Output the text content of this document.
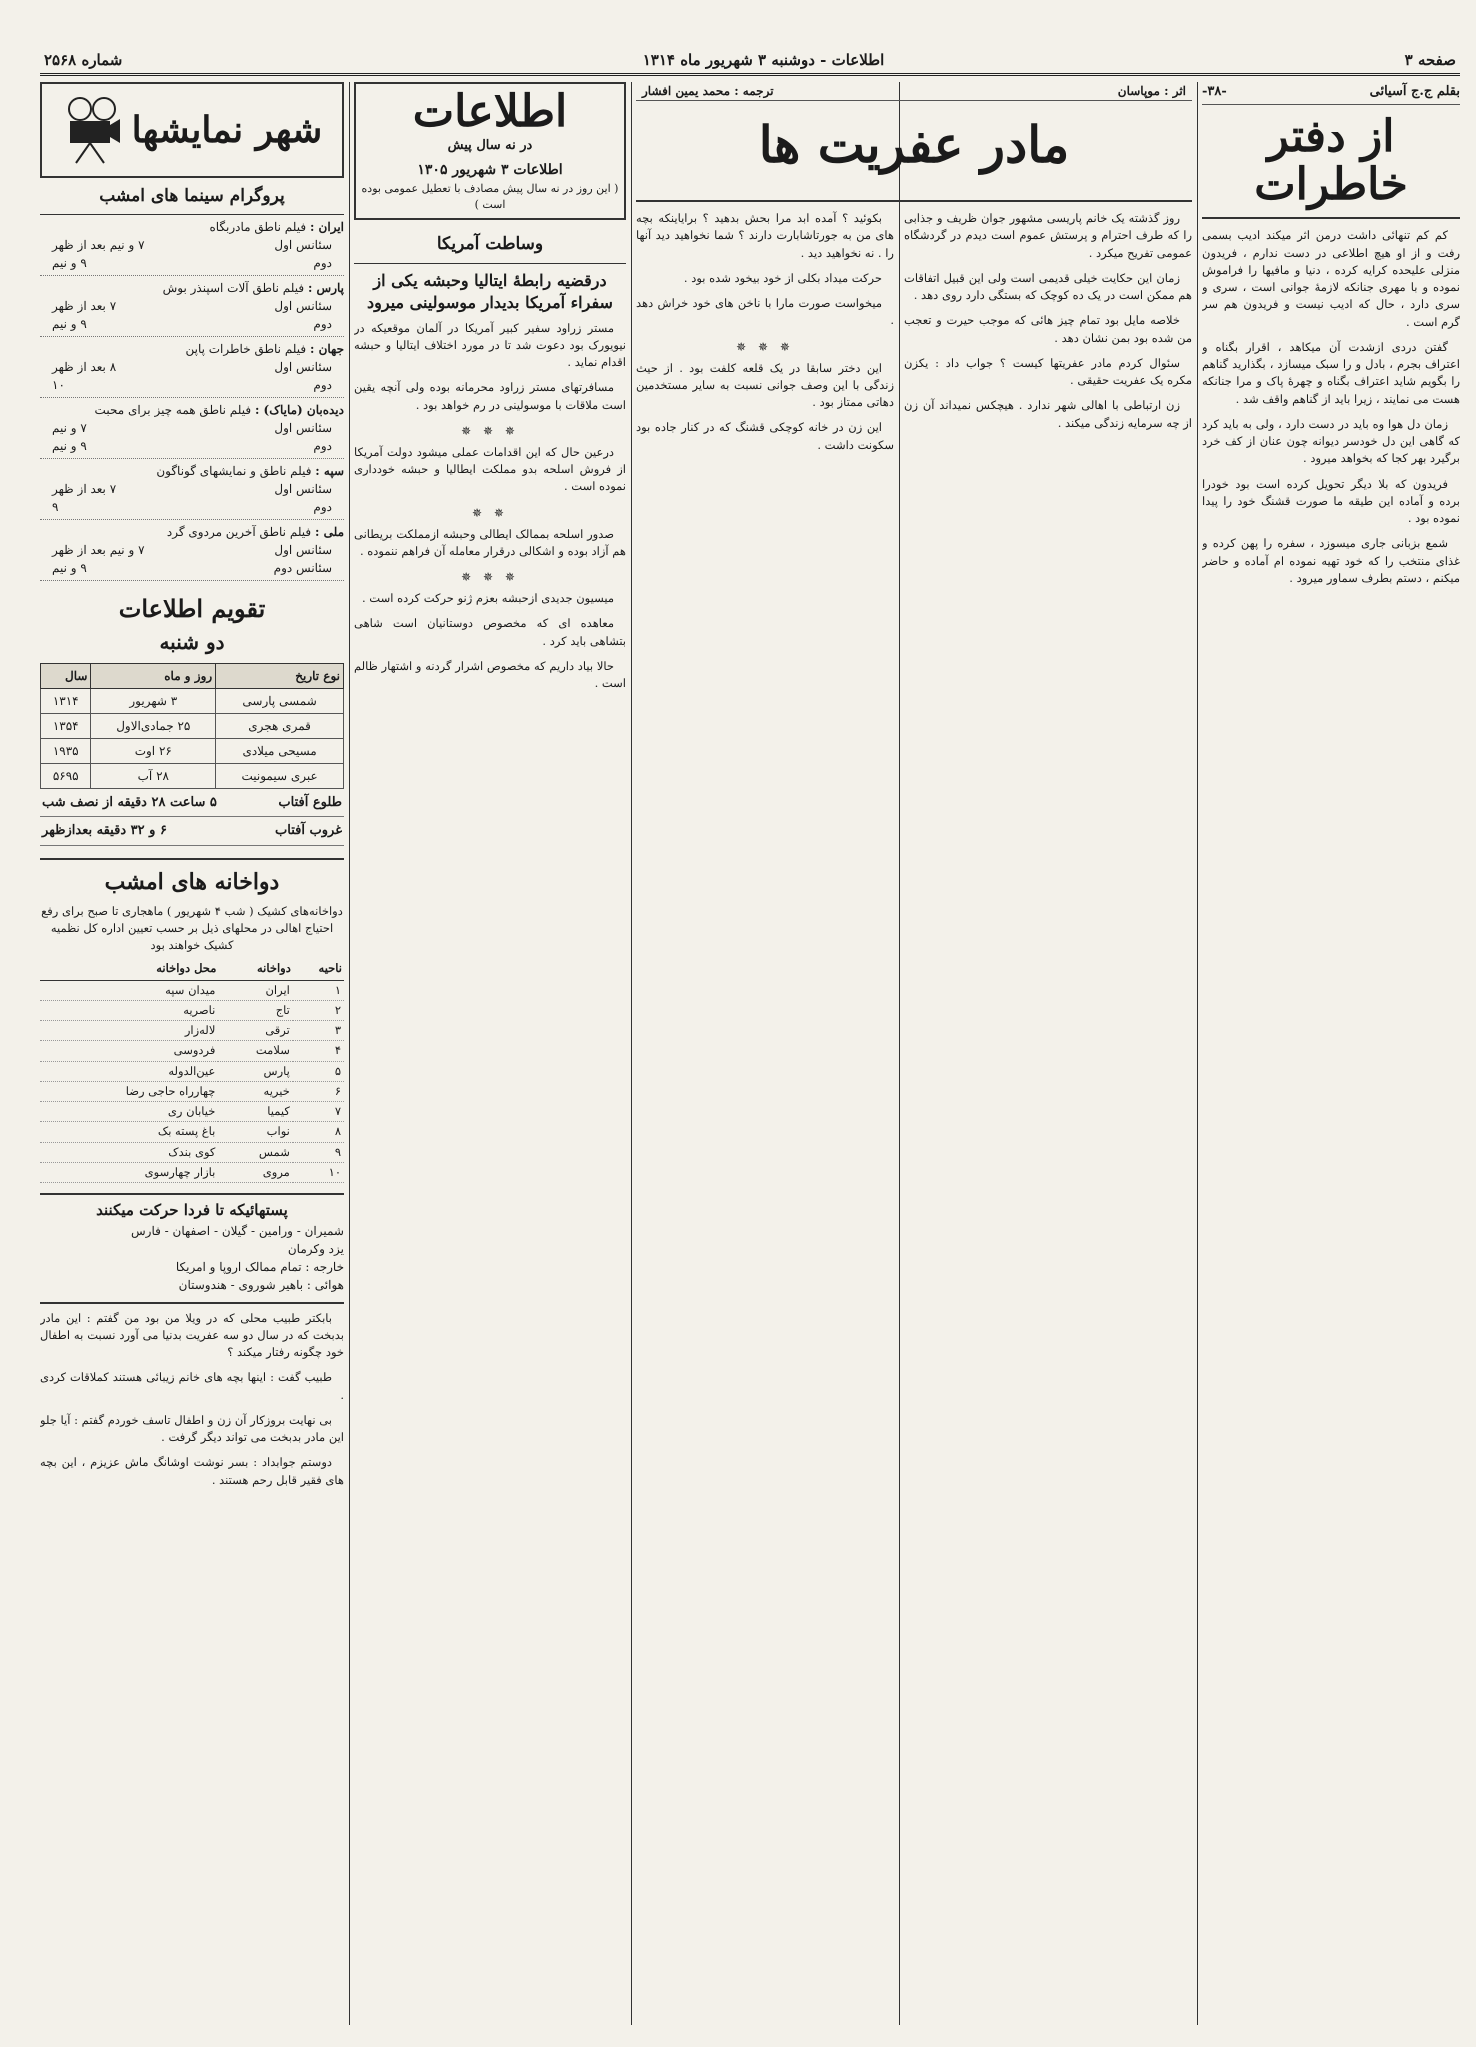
صفحه ۳
اطلاعات - دوشنبه ۳ شهریور ماه ۱۳۱۴
شماره ۲۵۶۸
بقلم ج.ج آسیائی
-۳۸-
از دفتر خاطرات

کم کم تنهائی داشت درمن اثر میکند ادیب بسمی رفت و از او هیچ اطلاعی در دست ندارم ، فریدون منزلی علیحده کرایه کرده ، دنیا و مافیها را فراموش نموده و با مهری جنانکه لازمهٔ جوانی است ، سری و سری دارد ، حال که ادیب نیست و فریدون هم سر گرم است .

گفتن دردی ازشدت آن میکاهد ، اقرار بگناه و اعتراف بجرم ، بادل و را سبک میسازد ، بگذارید گناهم را بگویم شاید اعتراف بگناه و چهرهٔ پاک و مرا جنانکه هست می نمایند ، زیرا باید از گناهم واقف شد .

زمان دل هوا وه باید در دست دارد ، ولی به باید کرد که گاهی این دل خودسر دیوانه چون عنان از کف خرد برگیرد بهر کجا که بخواهد میرود .

فریدون که بلا دیگر تحویل کرده است بود خودرا برده و آماده این طیقه ما صورت قشنگ خود را پیدا نموده بود .

شمع بزبانی جاری میسوزد ، سفره را پهن کرده و غذای منتخب را که خود تهیه نموده ام آماده و حاضر میکنم ، دستم بطرف سماور میرود .

اثر : موپاسان
ترجمه : محمد یمین افشار
مادر عفریت ها

روز گذشته یک خانم پاریسی مشهور جوان ظریف و جذابی را که طرف احترام و پرستش عموم است دیدم در گردشگاه عمومی تفریح میکرد .

زمان این حکایت خیلی قدیمی است ولی این قبیل اتفاقات هم ممکن است در یک ده کوچک که بستگی دارد روی دهد .

خلاصه مایل بود تمام چیز هائی که موجب حیرت و تعجب من شده بود بمن نشان دهد .

سئوال کردم مادر عفریتها کیست ؟ جواب داد : یکزن مکره یک عفریت حقیقی .

زن ارتباطی با اهالی شهر ندارد . هیچکس نمیداند آن زن از چه سرمایه زندگی میکند .

بکوئید ؟ آمده ابد مرا بحش بدهید ؟ برایاینکه بچه های من به جورتاشابارت دارند ؟ شما نخواهید دید آنها را . نه نخواهید دید .

حرکت میداد بکلی از خود بیخود شده بود .

میخواست صورت مارا با ناخن های خود خراش دهد .

✵ ✵ ✵

این دختر سابقا در یک قلعه کلفت بود . از حیث زندگی با این وصف جوانی نسبت به سایر مستخدمین دهاتی ممتاز بود .

این زن در خانه کوچکی قشنگ که در کنار جاده بود سکونت داشت .

اطلاعات
در نه سال پیش
اطلاعات ۳ شهریور ۱۳۰۵
( این روز در نه سال پیش مصادف با تعطیل عمومی بوده است )
وساطت آمریکا
درقضیه رابطهٔ ایتالیا وحبشه یکی از سفراء آمریکا بدیدار موسولینی میرود

مستر زراود سفیر کبیر آمریکا در آلمان موقعیکه در نیویورک بود دعوت شد تا در مورد اختلاف ایتالیا و حبشه اقدام نماید .

مسافرتهای مستر زراود محرمانه بوده ولی آنچه یقین است ملاقات با موسولینی در رم خواهد بود .

✵ ✵ ✵

درعین حال که این اقدامات عملی میشود دولت آمریکا از فروش اسلحه بدو مملکت ایطالیا و حبشه خودداری نموده است .

✵ ✵

صدور اسلحه بممالک ایطالی وحبشه ازمملکت بریطانی هم آزاد بوده و اشکالی درقرار معامله آن فراهم ننموده .

✵ ✵ ✵

میسیون جدیدی ازحبشه بعزم ژنو حرکت کرده است .

معاهده ای که مخصوص دوستانیان است شاهی بتشاهی باید کرد .

حالا بیاد داریم که مخصوص اشرار گردنه و اشتهار ظالم است .

شهر نمایشها
پروگرام سینما های امشب
ایران : فیلم ناطق مادربگاه
سئانس اول
۷ و نیم بعد از ظهر
دوم
۹ و نیم
پارس : فیلم ناطق آلات اسپنذر بوش
سئانس اول
۷ بعد از ظهر
دوم
۹ و نیم
جهان : فیلم ناطق خاطرات پاپن
سئانس اول
۸ بعد از ظهر
دوم
۱۰
دیده‌بان (مایاک) : فیلم ناطق همه چیز برای محبت
سئانس اول
۷ و نیم
دوم
۹ و نیم
سپه : فیلم ناطق و نمایشهای گوناگون
سئانس اول
۷ بعد از ظهر
دوم
۹
ملی : فیلم ناطق آخرین مردوی گرد
سئانس اول
۷ و نیم بعد از ظهر
سئانس دوم
۹ و نیم
تقویم اطلاعات
دو شنبه
نوع تاریخ	روز و ماه	سال
شمسی پارسی	۳ شهریور	۱۳۱۴
قمری هجری	۲۵ جمادی‌الاول	۱۳۵۴
مسیحی میلادی	۲۶ اوت	۱۹۳۵
عبری سیمونیت	۲۸ آب	۵۶۹۵
طلوع آفتاب
۵ ساعت ۲۸ دقیقه از نصف شب
غروب آفتاب
۶ و ۳۲ دقیقه بعدازظهر
دواخانه های امشب
دواخانه‌های کشیک ( شب ۴ شهریور ) ماهجاری تا صبح برای رفع احتیاج اهالی در محلهای ذیل بر حسب تعیین اداره کل نظمیه کشیک خواهند بود
ناحیه	دواخانه	محل دواخانه
۱	ایران	میدان سپه
۲	تاج	ناصریه
۳	ترقی	لاله‌زار
۴	سلامت	فردوسی
۵	پارس	عین‌الدوله
۶	خیریه	چهارراه حاجی رضا
۷	کیمیا	خیابان ری
۸	نواب	باغ پسته بک
۹	شمس	کوی بندک
۱۰	مروی	بازار چهارسوی
پستهائیکه تا فردا حرکت میکنند
شمیران - ورامین - گیلان - اصفهان - فارس
یزد وکرمان
خارجه : تمام ممالک اروپا و امریکا
هوائی : باهیر شوروی - هندوستان

بابکتر طبیب محلی که در ویلا من بود من گفتم : این مادر بدبخت که در سال دو سه عفریت بدنیا می آورد نسبت به اطفال خود چگونه رفتار میکند ؟

طبیب گفت : اینها بچه های خانم زیبائی هستند کملاقات کردی .

بی نهایت بروزکار آن زن و اطفال تاسف خوردم گفتم : آیا جلو این مادر بدبخت می تواند دیگر گرفت .

دوستم جوابداد : بسر نوشت اوشانگ ماش عزیزم ، این بچه های فقیر قابل رحم هستند .
